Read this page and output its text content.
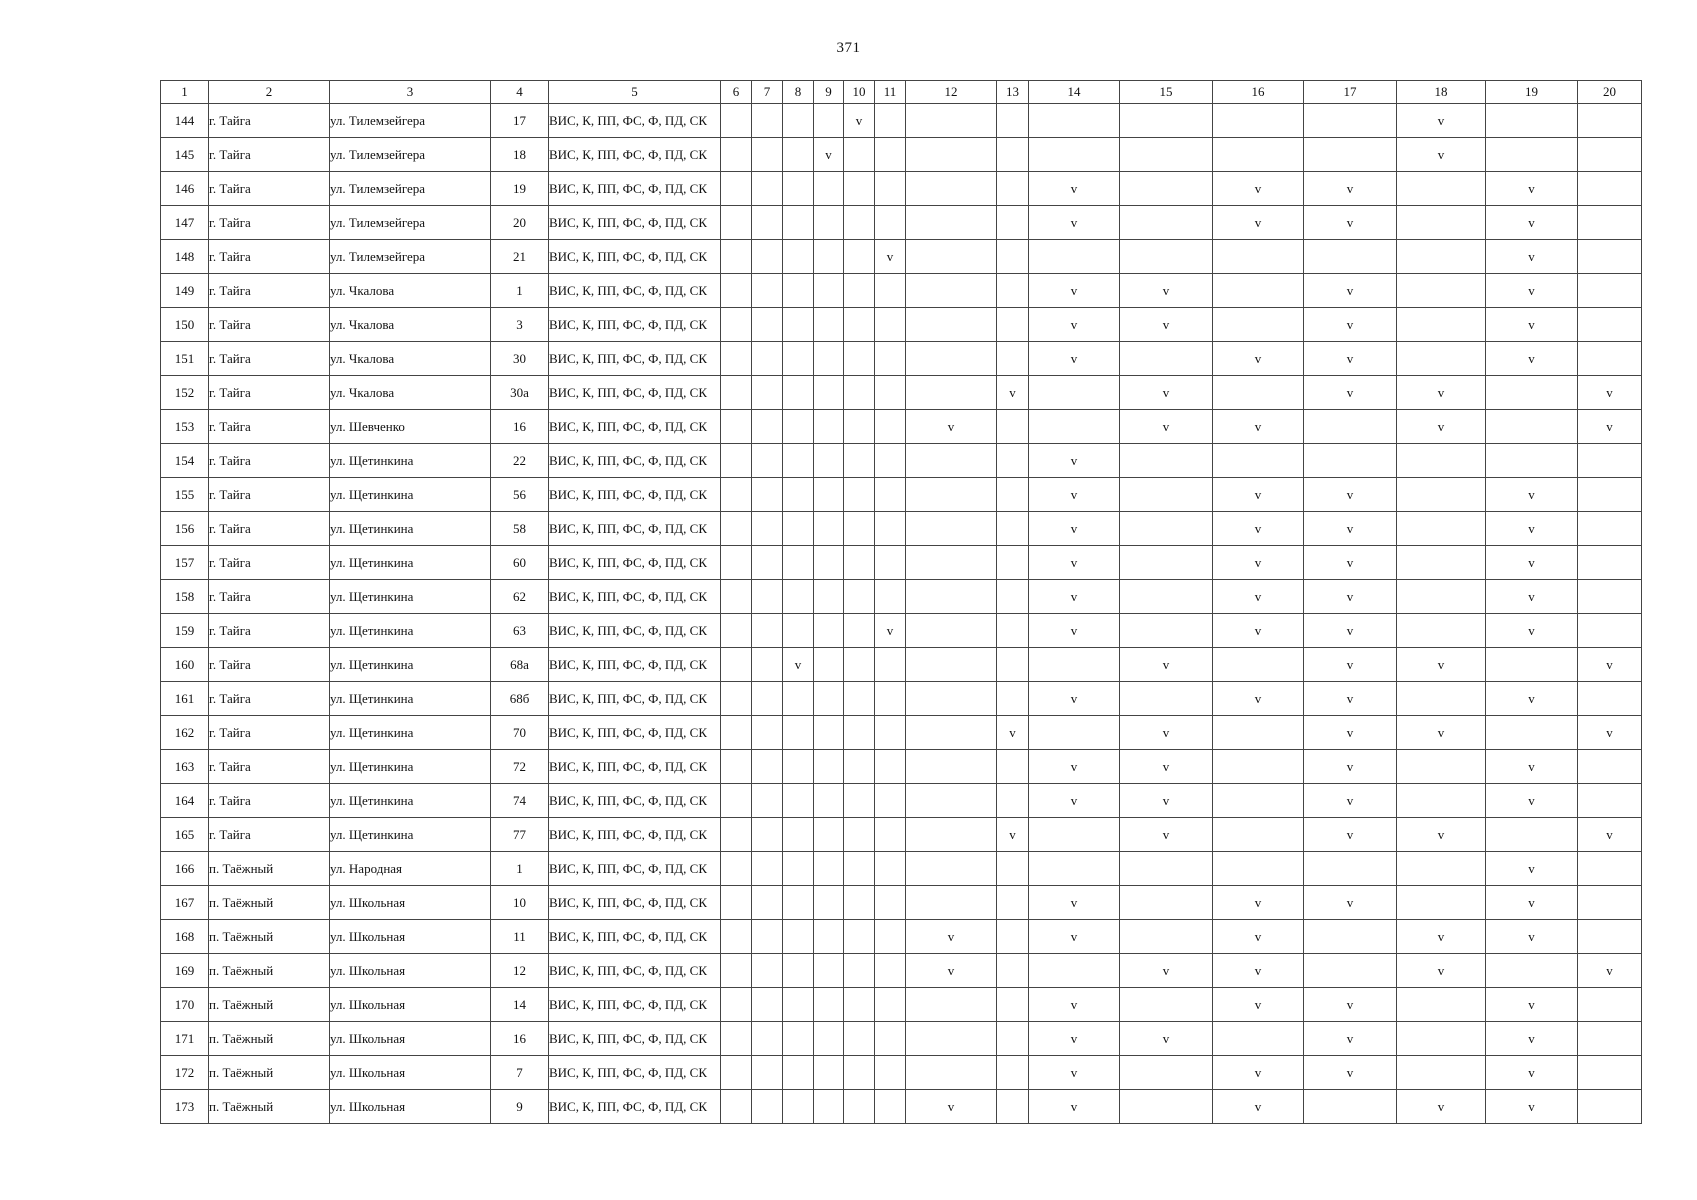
371
1	2	3	4	5	6	7	8	9	10	11	12	13	14	15	16	17	18	19	20
144	г. Тайга	ул. Тилемзейгера	17	ВИС, К, ПП, ФС, Ф, ПД, СК					v								v		
145	г. Тайга	ул. Тилемзейгера	18	ВИС, К, ПП, ФС, Ф, ПД, СК				v									v		
146	г. Тайга	ул. Тилемзейгера	19	ВИС, К, ПП, ФС, Ф, ПД, СК									v		v	v		v	
147	г. Тайга	ул. Тилемзейгера	20	ВИС, К, ПП, ФС, Ф, ПД, СК									v		v	v		v	
148	г. Тайга	ул. Тилемзейгера	21	ВИС, К, ПП, ФС, Ф, ПД, СК						v								v	
149	г. Тайга	ул. Чкалова	1	ВИС, К, ПП, ФС, Ф, ПД, СК									v	v		v		v	
150	г. Тайга	ул. Чкалова	3	ВИС, К, ПП, ФС, Ф, ПД, СК									v	v		v		v	
151	г. Тайга	ул. Чкалова	30	ВИС, К, ПП, ФС, Ф, ПД, СК									v		v	v		v	
152	г. Тайга	ул. Чкалова	30а	ВИС, К, ПП, ФС, Ф, ПД, СК								v		v		v	v		v
153	г. Тайга	ул. Шевченко	16	ВИС, К, ПП, ФС, Ф, ПД, СК							v			v	v		v		v
154	г. Тайга	ул. Щетинкина	22	ВИС, К, ПП, ФС, Ф, ПД, СК									v						
155	г. Тайга	ул. Щетинкина	56	ВИС, К, ПП, ФС, Ф, ПД, СК									v		v	v		v	
156	г. Тайга	ул. Щетинкина	58	ВИС, К, ПП, ФС, Ф, ПД, СК									v		v	v		v	
157	г. Тайга	ул. Щетинкина	60	ВИС, К, ПП, ФС, Ф, ПД, СК									v		v	v		v	
158	г. Тайга	ул. Щетинкина	62	ВИС, К, ПП, ФС, Ф, ПД, СК									v		v	v		v	
159	г. Тайга	ул. Щетинкина	63	ВИС, К, ПП, ФС, Ф, ПД, СК						v			v		v	v		v	
160	г. Тайга	ул. Щетинкина	68а	ВИС, К, ПП, ФС, Ф, ПД, СК			v							v		v	v		v
161	г. Тайга	ул. Щетинкина	68б	ВИС, К, ПП, ФС, Ф, ПД, СК									v		v	v		v	
162	г. Тайга	ул. Щетинкина	70	ВИС, К, ПП, ФС, Ф, ПД, СК								v		v		v	v		v
163	г. Тайга	ул. Щетинкина	72	ВИС, К, ПП, ФС, Ф, ПД, СК									v	v		v		v	
164	г. Тайга	ул. Щетинкина	74	ВИС, К, ПП, ФС, Ф, ПД, СК									v	v		v		v	
165	г. Тайга	ул. Щетинкина	77	ВИС, К, ПП, ФС, Ф, ПД, СК								v		v		v	v		v
166	п. Таёжный	ул. Народная	1	ВИС, К, ПП, ФС, Ф, ПД, СК														v	
167	п. Таёжный	ул. Школьная	10	ВИС, К, ПП, ФС, Ф, ПД, СК									v		v	v		v	
168	п. Таёжный	ул. Школьная	11	ВИС, К, ПП, ФС, Ф, ПД, СК							v		v		v		v	v	
169	п. Таёжный	ул. Школьная	12	ВИС, К, ПП, ФС, Ф, ПД, СК							v			v	v		v		v
170	п. Таёжный	ул. Школьная	14	ВИС, К, ПП, ФС, Ф, ПД, СК									v		v	v		v	
171	п. Таёжный	ул. Школьная	16	ВИС, К, ПП, ФС, Ф, ПД, СК									v	v		v		v	
172	п. Таёжный	ул. Школьная	7	ВИС, К, ПП, ФС, Ф, ПД, СК									v		v	v		v	
173	п. Таёжный	ул. Школьная	9	ВИС, К, ПП, ФС, Ф, ПД, СК							v		v		v		v	v	
